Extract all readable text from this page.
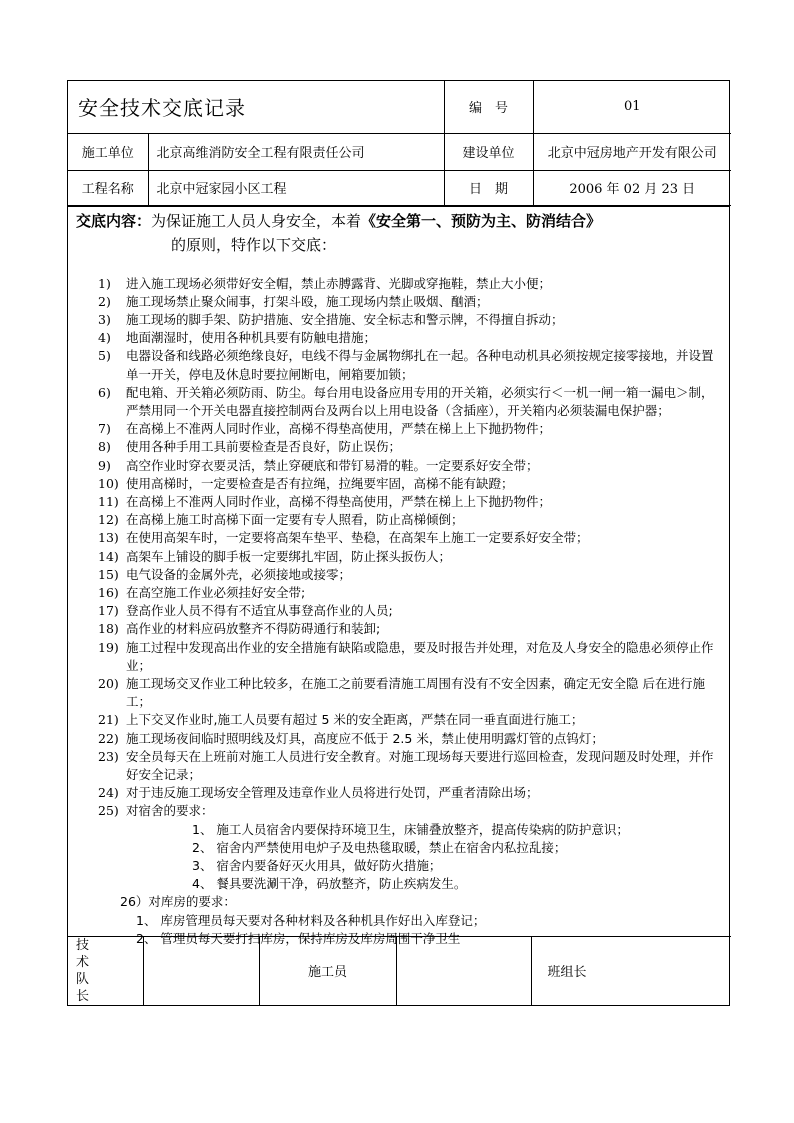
安全技术交底记录		编　号	01
施工单位	北京高维消防安全工程有限责任公司	建设单位	北京中冠房地产开发有限公司
工程名称	北京中冠家园小区工程	日　期	2006 年 02 月 23 日
交底内容：为保证施工人员人身安全，本着《安全第一、预防为主、防消结合》
的原则，特作以下交底：
1)	进入施工现场必须带好安全帽，禁止赤膊露背、光脚或穿拖鞋，禁止大小便；
2)	施工现场禁止聚众闹事，打架斗殴，施工现场内禁止吸烟、酗酒；
3)	施工现场的脚手架、防护措施、安全措施、安全标志和警示牌，不得擅自拆动；
4)	地面潮湿时，使用各种机具要有防触电措施；
5)	电器设备和线路必须绝缘良好，电线不得与金属物绑扎在一起。各种电动机具必须按规定接零接地，并设置单一开关，停电及休息时要拉闸断电，闸箱要加锁；
6)	配电箱、开关箱必须防雨、防尘。每台用电设备应用专用的开关箱，必须实行＜一机一闸一箱一漏电＞制，严禁用同一个开关电器直接控制两台及两台以上用电设备（含插座），开关箱内必须装漏电保护器；
7)	在高梯上不准两人同时作业，高梯不得垫高使用，严禁在梯上上下抛扔物件；
8)	使用各种手用工具前要检查是否良好，防止误伤；
9)	高空作业时穿衣要灵活，禁止穿硬底和带钉易滑的鞋。一定要系好安全带；
10) 使用高梯时，一定要检查是否有拉绳，拉绳要牢固，高梯不能有缺蹬；
11) 在高梯上不准两人同时作业，高梯不得垫高使用，严禁在梯上上下抛扔物件；
12) 在高梯上施工时高梯下面一定要有专人照看，防止高梯倾倒；
13) 在使用高架车时，一定要将高架车垫平、垫稳，在高架车上施工一定要系好安全带；
14) 高架车上铺设的脚手板一定要绑扎牢固，防止探头扳伤人；
15) 电气设备的金属外壳，必须接地或接零；
16) 在高空施工作业必须挂好安全带;
17) 登高作业人员不得有不适宜从事登高作业的人员;
18) 高作业的材料应码放整齐不得防碍通行和装卸;
19) 施工过程中发现高出作业的安全措施有缺陷或隐患，要及时报告并处理，对危及人身安全的隐患必须停止作业；
20) 施工现场交叉作业工种比较多，在施工之前要看清施工周围有没有不安全因素，确定无安全隐 后在进行施工；
21) 上下交叉作业时,施工人员要有超过 5 米的安全距离，严禁在同一垂直面进行施工；
22) 施工现场夜间临时照明线及灯具，高度应不低于 2.5 米，禁止使用明露灯管的点钨灯；
23) 安全员每天在上班前对施工人员进行安全教育。对施工现场每天要进行巡回检查，发现问题及时处理，并作好安全记录；
24) 对于违反施工现场安全管理及违章作业人员将进行处罚，严重者清除出场；
25) 对宿舍的要求：
1、 施工人员宿舍内要保持环境卫生，床铺叠放整齐，提高传染病的防护意识；
2、 宿舍内严禁使用电炉子及电热毯取暖，禁止在宿舍内私拉乱接；
3、 宿舍内要备好灭火用具，做好防火措施；
4、 餐具要洗涮干净，码放整齐，防止疾病发生。
26）对库房的要求：
1、 库房管理员每天要对各种材料及各种机具作好出入库登记；
2、 管理员每天要打扫库房，保持库房及库房周围干净卫生
技 术
队 长
		施工员		班组长
